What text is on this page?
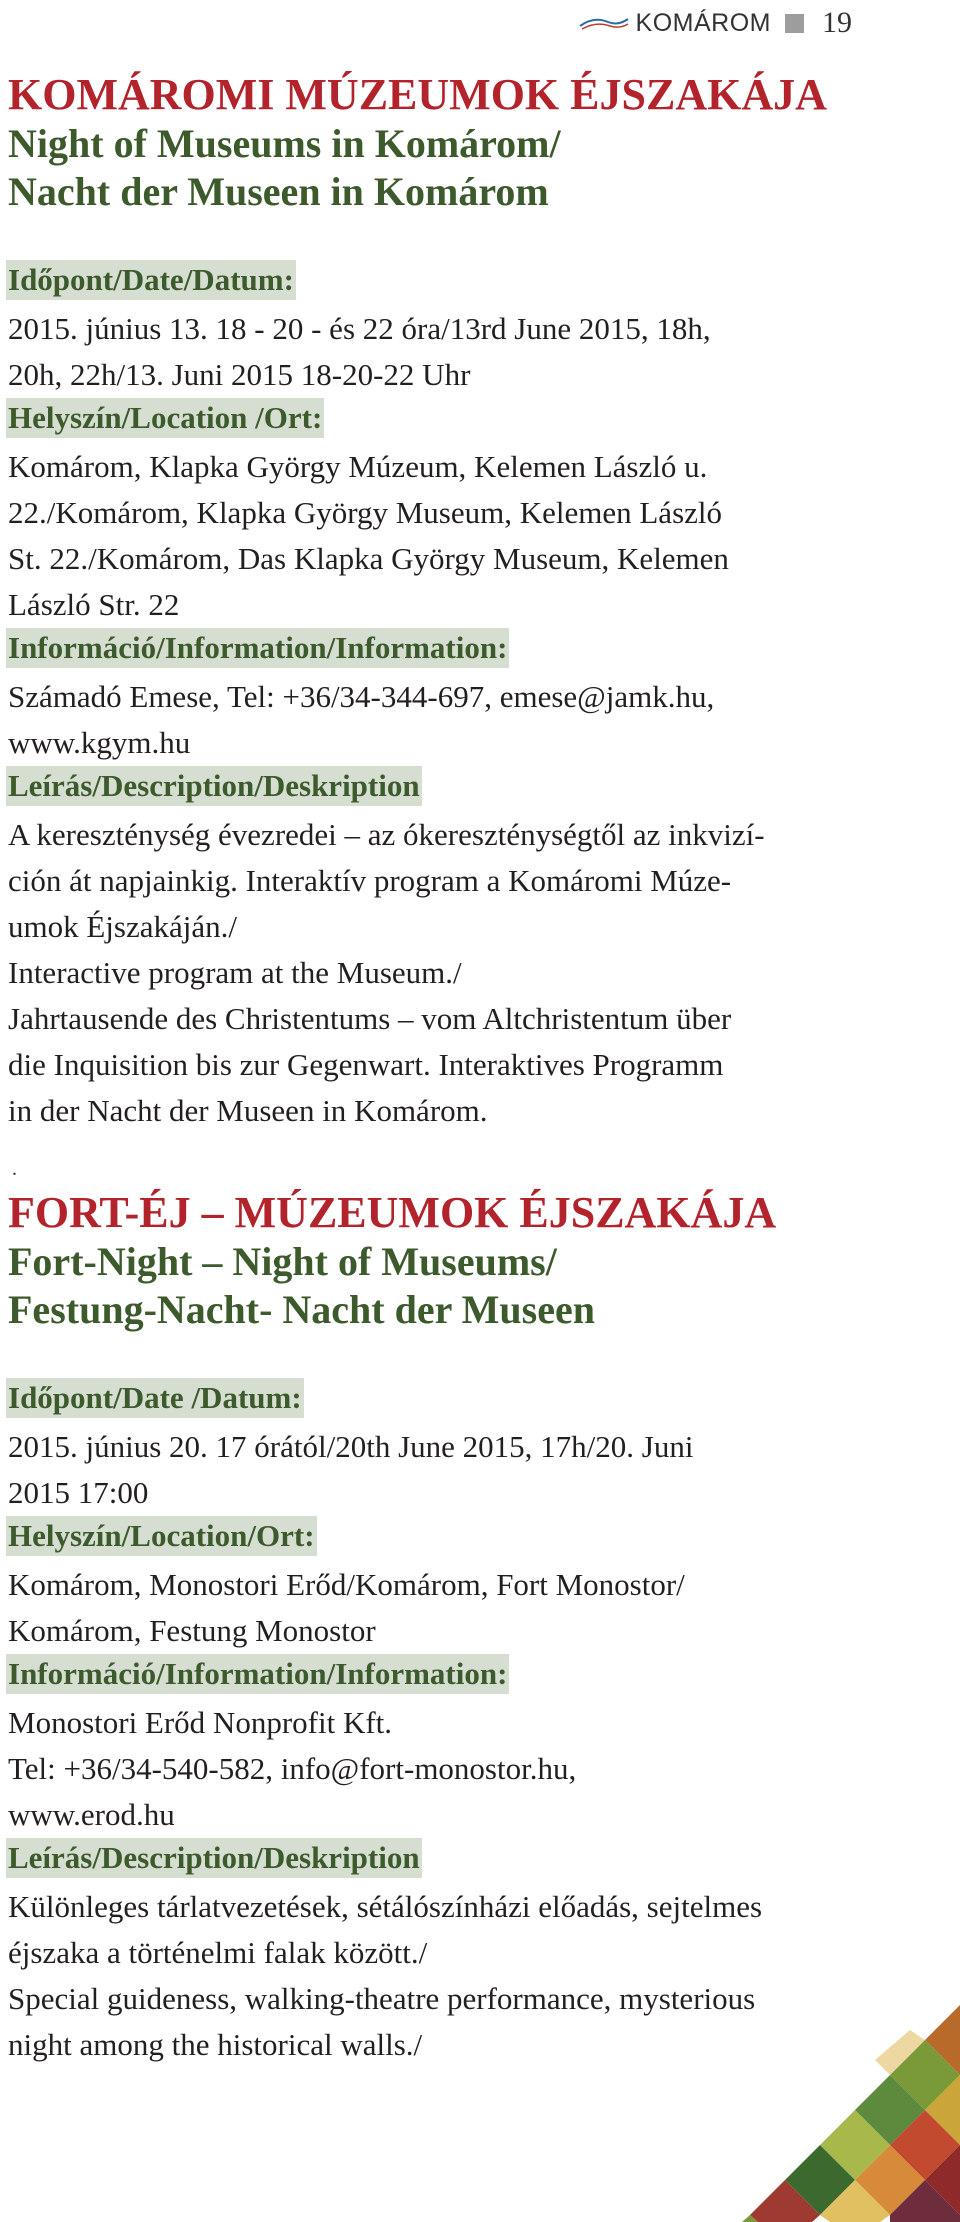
KOMÁROM 19
KOMÁROMI MÚZEUMOK ÉJSZAKÁJA
Night of Museums in Komárom/
Nacht der Museen in Komárom
Időpont/Date/Datum:

2015. június 13. 18 - 20 - és 22 óra/13rd June 2015, 18h,

20h, 22h/13. Juni 2015 18-20-22 Uhr

Helyszín/Location /Ort:

Komárom, Klapka György Múzeum, Kelemen László u.

22./Komárom, Klapka György Museum, Kelemen László

St. 22./Komárom, Das Klapka György Museum, Kelemen

László Str. 22

Információ/Information/Information:

Számadó Emese, Tel: +36/34-344-697, emese@jamk.hu,

www.kgym.hu

Leírás/Description/Deskription

A kereszténység évezredei – az ókereszténységtől az inkvizí-

ción át napjainkig. Interaktív program a Komáromi Múze-

umok Éjszakáján./

Interactive program at the Museum./

Jahrtausende des Christentums – vom Altchristentum über

die Inquisition bis zur Gegenwart. Interaktives Programm

in der Nacht der Museen in Komárom.

.
FORT-ÉJ – MÚZEUMOK ÉJSZAKÁJA
Fort-Night – Night of Museums/
Festung-Nacht- Nacht der Museen
Időpont/Date /Datum:

2015. június 20. 17 órától/20th June 2015, 17h/20. Juni

2015 17:00

Helyszín/Location/Ort:

Komárom, Monostori Erőd/Komárom, Fort Monostor/

Komárom, Festung Monostor

Információ/Information/Information:

Monostori Erőd Nonprofit Kft.

Tel: +36/34-540-582, info@fort-monostor.hu,

www.erod.hu

Leírás/Description/Deskription

Különleges tárlatvezetések, sétálószínházi előadás, sejtelmes

éjszaka a történelmi falak között./

Special guideness, walking-theatre performance, mysterious

night among the historical walls./
